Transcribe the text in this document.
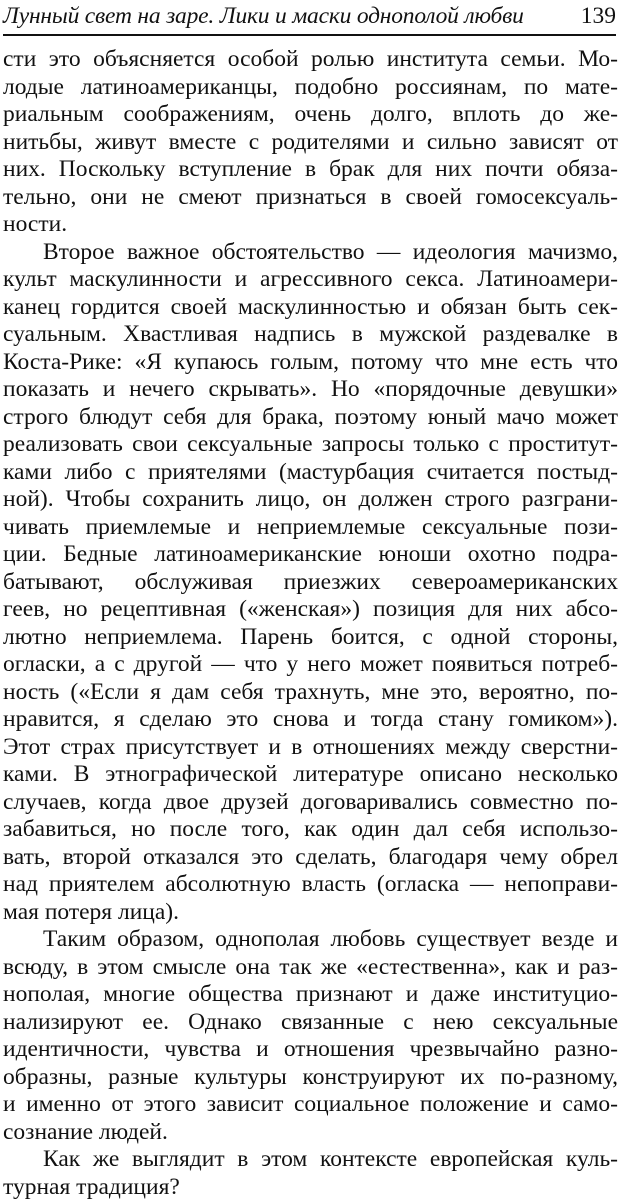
Лунный свет на заре. Лики и маски однополой любви 139
сти это объясняется особой ролью института семьи. Мо-
лодые латиноамериканцы, подобно россиянам, по мате-
риальным соображениям, очень долго, вплоть до же-
нитьбы, живут вместе с родителями и сильно зависят от
них. Поскольку вступление в брак для них почти обяза-
тельно, они не смеют признаться в своей гомосексуаль-
ности.
Второе важное обстоятельство — идеология мачизмо,
культ маскулинности и агрессивного секса. Латиноамери-
канец гордится своей маскулинностью и обязан быть сек-
суальным. Хвастливая надпись в мужской раздевалке в
Коста-Рике: «Я купаюсь голым, потому что мне есть что
показать и нечего скрывать». Но «порядочные девушки»
строго блюдут себя для брака, поэтому юный мачо может
реализовать свои сексуальные запросы только с проститут-
ками либо с приятелями (мастурбация считается постыд-
ной). Чтобы сохранить лицо, он должен строго разграни-
чивать приемлемые и неприемлемые сексуальные пози-
ции. Бедные латиноамериканские юноши охотно подра-
батывают, обслуживая приезжих североамериканских
геев, но рецептивная («женская») позиция для них абсо-
лютно неприемлема. Парень боится, с одной стороны,
огласки, а с другой — что у него может появиться потреб-
ность («Если я дам себя трахнуть, мне это, вероятно, по-
нравится, я сделаю это снова и тогда стану гомиком»).
Этот страх присутствует и в отношениях между сверстни-
ками. В этнографической литературе описано несколько
случаев, когда двое друзей договаривались совместно по-
забавиться, но после того, как один дал себя использо-
вать, второй отказался это сделать, благодаря чему обрел
над приятелем абсолютную власть (огласка — непоправи-
мая потеря лица).
Таким образом, однополая любовь существует везде и
всюду, в этом смысле она так же «естественна», как и раз-
нополая, многие общества признают и даже институцио-
нализируют ее. Однако связанные с нею сексуальные
идентичности, чувства и отношения чрезвычайно разно-
образны, разные культуры конструируют их по-разному,
и именно от этого зависит социальное положение и само-
сознание людей.
Как же выглядит в этом контексте европейская куль-
турная традиция?
